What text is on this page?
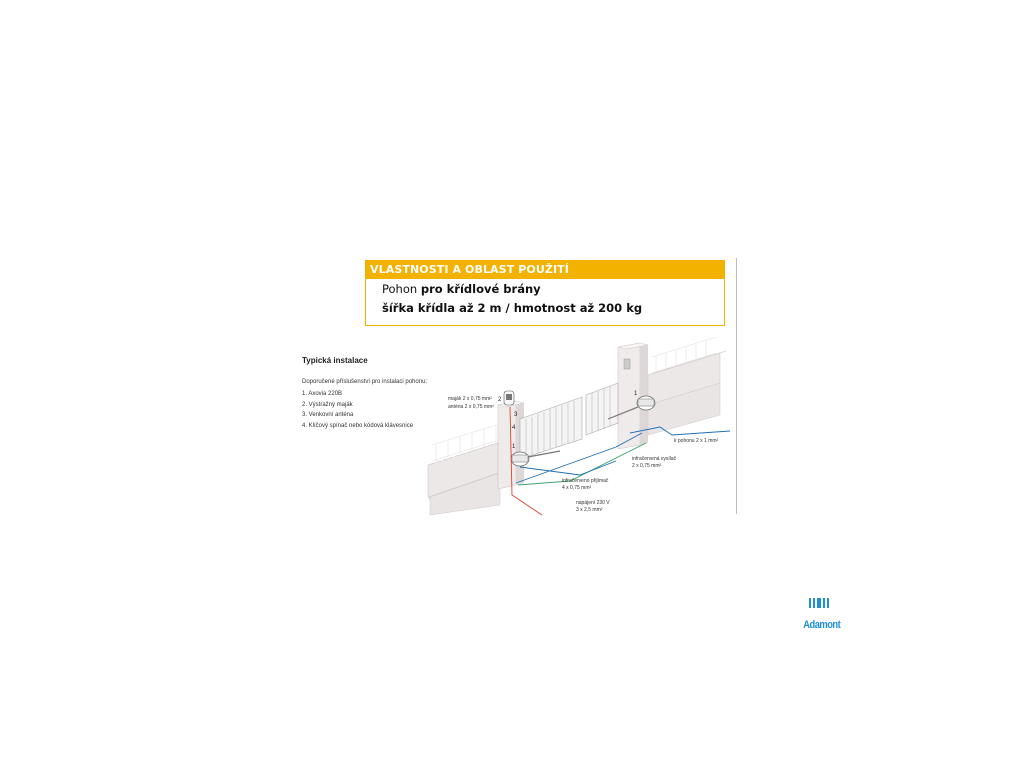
VLASTNOSTI A OBLAST POUŽITÍ
Pohon pro křídlové brány
šířka křídla až 2 m / hmotnost až 200 kg
Typická instalace
Doporučené příslušenství pro instalaci pohonu:
1. Axovia 220B
2. Výstražný maják
3. Venkovní anténa
4. Klíčový spínač nebo kódová klávesnice
2
3
1
1
4
maják 2 x 0,75 mm²
anténa 2 x 0,75 mm²
k pohonu 2 x 1 mm²
infračervená vysílač
2 x 0,75 mm²
infračerveno přijímač
4 x 0,75 mm²
napájení 230 V
3 x 2,5 mm²
Adamont
